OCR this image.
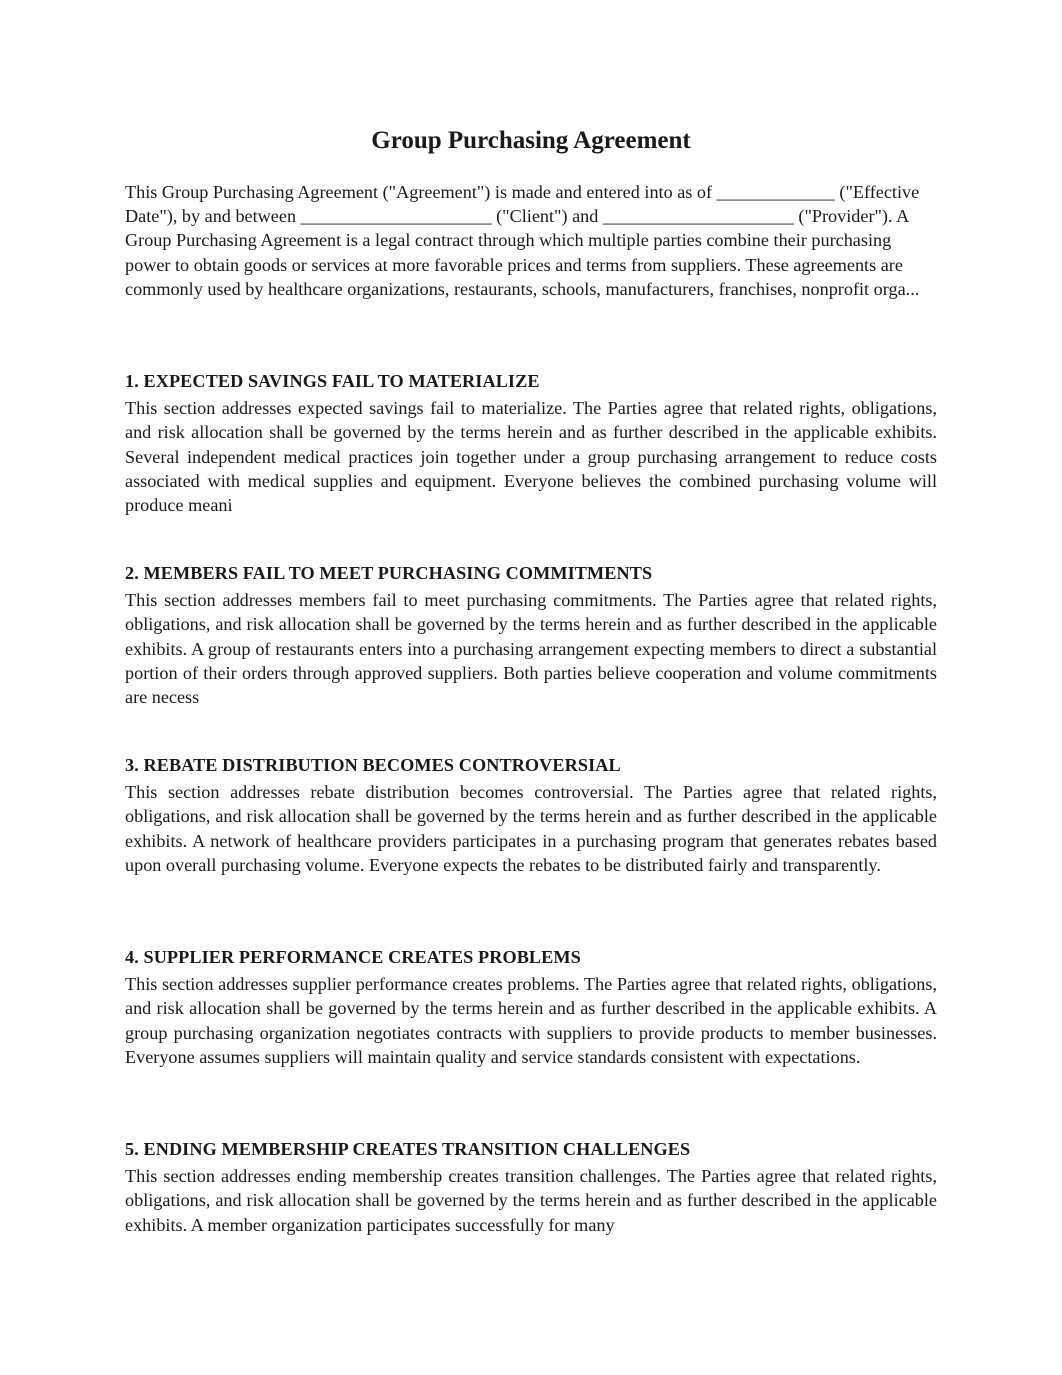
Group Purchasing Agreement

This Group Purchasing Agreement ("Agreement") is made and entered into as of _____________ ("Effective Date"), by and between _____________________ ("Client") and _____________________ ("Provider"). A Group Purchasing Agreement is a legal contract through which multiple parties combine their purchasing power to obtain goods or services at more favorable prices and terms from suppliers. These agreements are commonly used by healthcare organizations, restaurants, schools, manufacturers, franchises, nonprofit orga...

1. EXPECTED SAVINGS FAIL TO MATERIALIZE

This section addresses expected savings fail to materialize. The Parties agree that related rights, obligations, and risk allocation shall be governed by the terms herein and as further described in the applicable exhibits. Several independent medical practices join together under a group purchasing arrangement to reduce costs associated with medical supplies and equipment. Everyone believes the combined purchasing volume will produce meani

2. MEMBERS FAIL TO MEET PURCHASING COMMITMENTS

This section addresses members fail to meet purchasing commitments. The Parties agree that related rights, obligations, and risk allocation shall be governed by the terms herein and as further described in the applicable exhibits. A group of restaurants enters into a purchasing arrangement expecting members to direct a substantial portion of their orders through approved suppliers. Both parties believe cooperation and volume commitments are necess

3. REBATE DISTRIBUTION BECOMES CONTROVERSIAL

This section addresses rebate distribution becomes controversial. The Parties agree that related rights, obligations, and risk allocation shall be governed by the terms herein and as further described in the applicable exhibits. A network of healthcare providers participates in a purchasing program that generates rebates based upon overall purchasing volume. Everyone expects the rebates to be distributed fairly and transparently.

4. SUPPLIER PERFORMANCE CREATES PROBLEMS

This section addresses supplier performance creates problems. The Parties agree that related rights, obligations, and risk allocation shall be governed by the terms herein and as further described in the applicable exhibits. A group purchasing organization negotiates contracts with suppliers to provide products to member businesses. Everyone assumes suppliers will maintain quality and service standards consistent with expectations.

5. ENDING MEMBERSHIP CREATES TRANSITION CHALLENGES

This section addresses ending membership creates transition challenges. The Parties agree that related rights, obligations, and risk allocation shall be governed by the terms herein and as further described in the applicable exhibits. A member organization participates successfully for many
